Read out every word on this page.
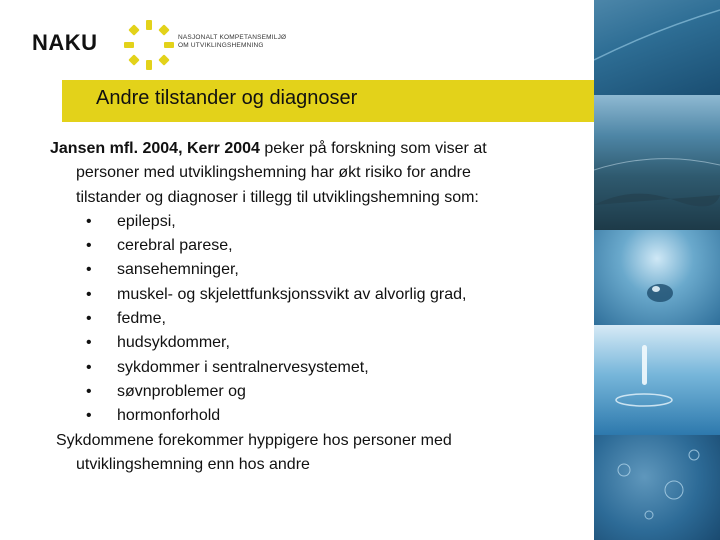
NAKU	NASJONALT KOMPETANSEMILJØ
OM UTVIKLINGSHEMNING
Andre tilstander og diagnoser

Jansen mfl. 2004, Kerr 2004 peker på forskning som viser at

personer med utviklingshemning har økt risiko for andre

tilstander og diagnoser i tillegg til utviklingshemning som:

• epilepsi,
• cerebral parese,
• sansehemninger,
• muskel- og skjelettfunksjonssvikt av alvorlig grad,
• fedme,
• hudsykdommer,
• sykdommer i sentralnervesystemet,
• søvnproblemer og
• hormonforhold

Sykdommene forekommer hyppigere hos personer med

utviklingshemning enn hos andre
